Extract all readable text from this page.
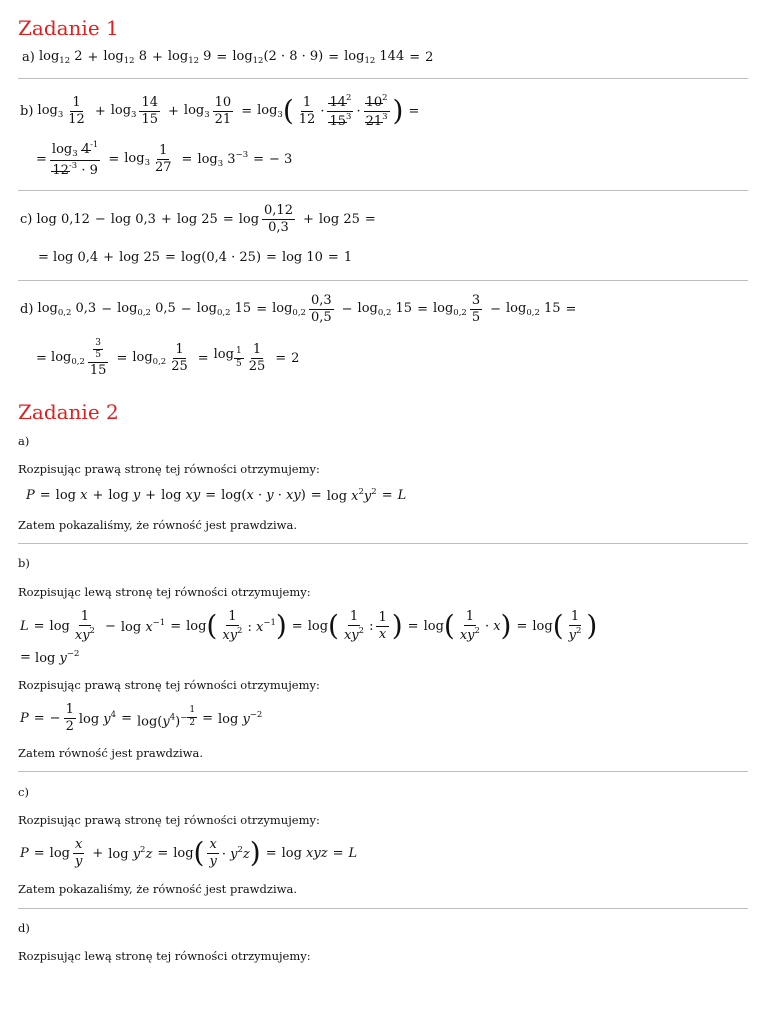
Zadanie 1
a)
$\log_{12} 2 + \log_{12} 8 + \log_{12} 9 = \log_{12}(2 \cdot 8 \cdot 9) = \log_{12} 144 = 2$
b)
$\log_3$
1
12
+ $\log_3$
14
15
+ $\log_3 \frac{10}{21} = \log_3$ ( 1
12
·
$14^2$
$15^3$ ·
$10^2$
$21^3$ ) =
= $\frac{\log_3 4^{-1}}{12^{-3} \cdot 9} = \log_3 \frac{1}{27} = \log_3 3^{-3}$ = − 3
c)
log 0,12 − log 0,3 + log 25 = log
0,12
0,3
+ log 25 =
= log 0,4 + log 25 = log(0,4 · 25) = log 10 = 1
d)
$\log_{0,2} 0,3 - \log_{0,2} 0,5 - \log_{0,2} 15 = \log_{0,2}$
0,3
0,5
− $\log_{0,2} 15 = \log_{0,2}$
3
5
− $\log_{0,2} 15$ =
= $\log_{0,2} \frac{\frac{3}{5}}{15} = \log_{0,2} \frac{1}{25} = \log _{\frac{1}{5}} \frac{1}{25} = 2$
Zadanie 2
a)
Rozpisując prawą stronę tej równości otrzymujemy:
P = log x + log y + log xy = $\log(x \cdot y \cdot xy) = \log x^2y^2 = L$
Zatem pokazaliśmy, że równość jest prawdziwa.
b)
Rozpisując lewą stronę tej równości otrzymujemy:
L = log
1
$xy^2 - \log x^{-1} = \log$ ( 1
$xy^2$ : $x^{-1}$ ) = log ( 1
$xy^2$ :
1
x ) = log ( 1
$xy^2 \cdot x$ ) = log ( 1
$y^2$ )
= $\log y^{-2}$
Rozpisując prawą stronę tej równości otrzymujemy:
P = − $\frac{1}{2}$ $\log y^4 = \log(y^4)^{- \frac{1}{2}} = \log y^{-2}$
Zatem równość jest prawdziwa.
c)
Rozpisując prawą stronę tej równości otrzymujemy:
P = log
x
y
+ $\log y^2z = \log$ ( x
$y \cdot y^2z$ ) = log xyz = L
Zatem pokazaliśmy, że równość jest prawdziwa.
d)
Rozpisując lewą stronę tej równości otrzymujemy:
